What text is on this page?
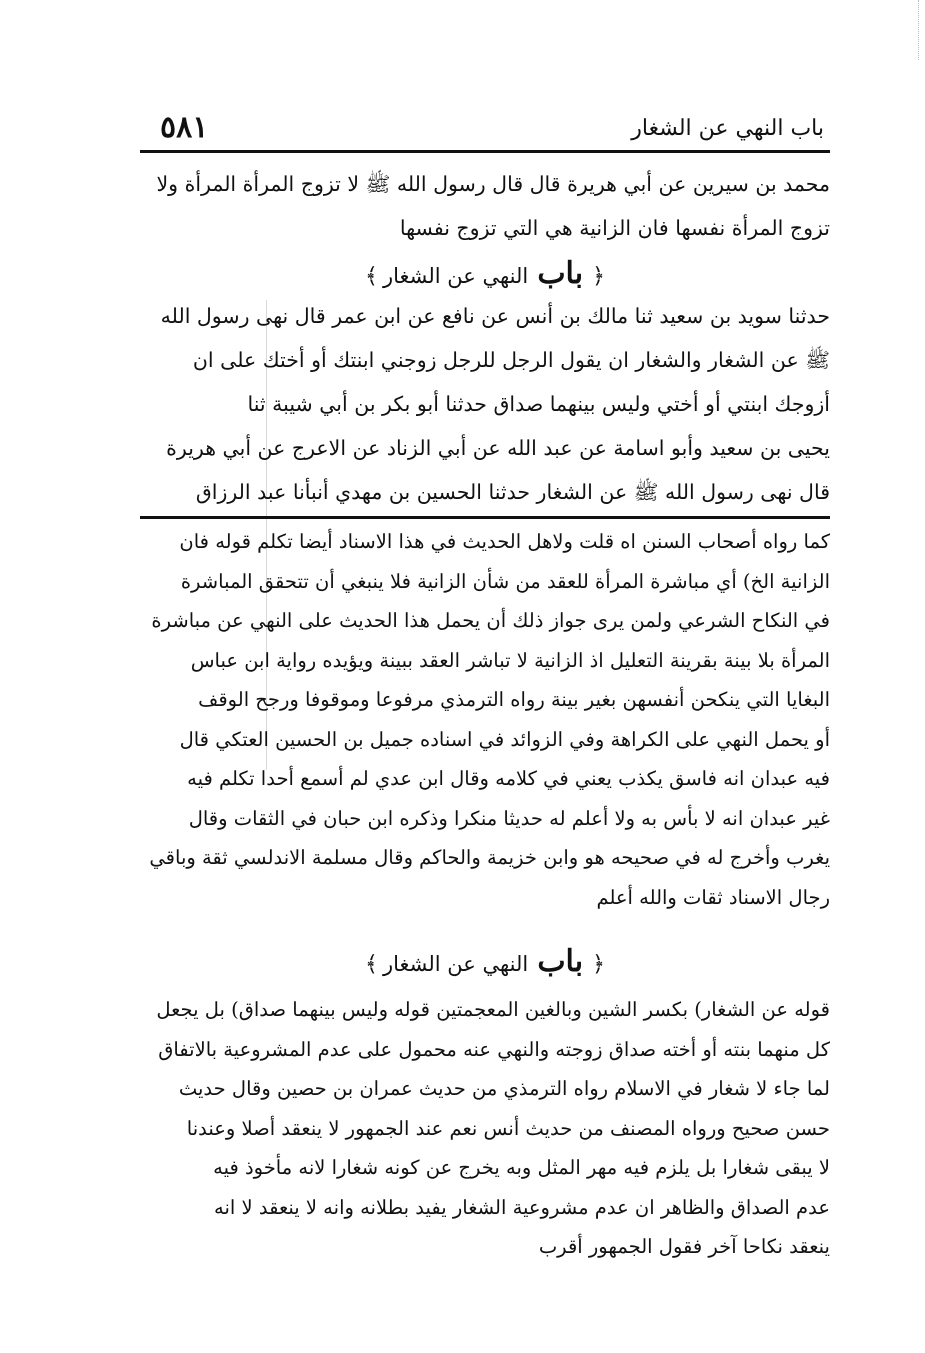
٥٨١	باب النهي عن الشغار
محمد بن سيرين عن أبي هريرة قال قال رسول الله ﷺ لا تزوج المرأة المرأة ولا
تزوج المرأة نفسها فان الزانية هي التي تزوج نفسها
﴿ باب النهي عن الشغار ﴾
حدثنا سويد بن سعيد ثنا مالك بن أنس عن نافع عن ابن عمر قال نهى رسول الله
ﷺ عن الشغار والشغار ان يقول الرجل للرجل زوجني ابنتك أو أختك على ان
أزوجك ابنتي أو أختي وليس بينهما صداق حدثنا أبو بكر بن أبي شيبة ثنا
يحيى بن سعيد وأبو اسامة عن عبد الله عن أبي الزناد عن الاعرج عن أبي هريرة
قال نهى رسول الله ﷺ عن الشغار حدثنا الحسين بن مهدي أنبأنا عبد الرزاق
كما رواه أصحاب السنن اه قلت ولاهل الحديث في هذا الاسناد أيضا تكلم قوله فان
الزانية الخ) أي مباشرة المرأة للعقد من شأن الزانية فلا ينبغي أن تتحقق المباشرة
في النكاح الشرعي ولمن يرى جواز ذلك أن يحمل هذا الحديث على النهي عن مباشرة
المرأة بلا بينة بقرينة التعليل اذ الزانية لا تباشر العقد ببينة ويؤيده رواية ابن عباس
البغايا التي ينكحن أنفسهن بغير بينة رواه الترمذي مرفوعا وموقوفا ورجح الوقف
أو يحمل النهي على الكراهة وفي الزوائد في اسناده جميل بن الحسين العتكي قال
فيه عبدان انه فاسق يكذب يعني في كلامه وقال ابن عدي لم أسمع أحدا تكلم فيه
غير عبدان انه لا بأس به ولا أعلم له حديثا منكرا وذكره ابن حبان في الثقات وقال
يغرب وأخرج له في صحيحه هو وابن خزيمة والحاكم وقال مسلمة الاندلسي ثقة وباقي
رجال الاسناد ثقات والله أعلم
﴿ باب النهي عن الشغار ﴾
قوله عن الشغار) بكسر الشين وبالغين المعجمتين قوله وليس بينهما صداق) بل يجعل
كل منهما بنته أو أخته صداق زوجته والنهي عنه محمول على عدم المشروعية بالاتفاق
لما جاء لا شغار في الاسلام رواه الترمذي من حديث عمران بن حصين وقال حديث
حسن صحيح ورواه المصنف من حديث أنس نعم عند الجمهور لا ينعقد أصلا وعندنا
لا يبقى شغارا بل يلزم فيه مهر المثل وبه يخرج عن كونه شغارا لانه مأخوذ فيه
عدم الصداق والظاهر ان عدم مشروعية الشغار يفيد بطلانه وانه لا ينعقد لا انه
ينعقد نكاحا آخر فقول الجمهور أقرب
